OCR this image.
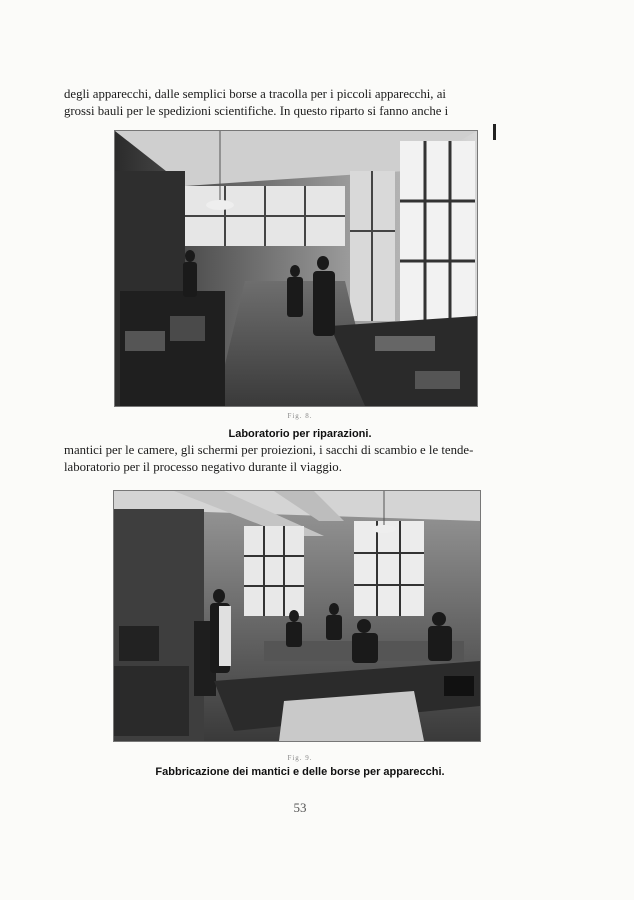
degli apparecchi, dalle semplici borse a tracolla per i piccoli apparecchi, ai
grossi bauli per le spedizioni scientifiche. In questo riparto si fanno anche i
Fig. 8.
Laboratorio per riparazioni.
mantici per le camere, gli schermi per proiezioni, i sacchi di scambio e le tende-
laboratorio per il processo negativo durante il viaggio.
Fig. 9.
Fabbricazione dei mantici e delle borse per apparecchi.
53
